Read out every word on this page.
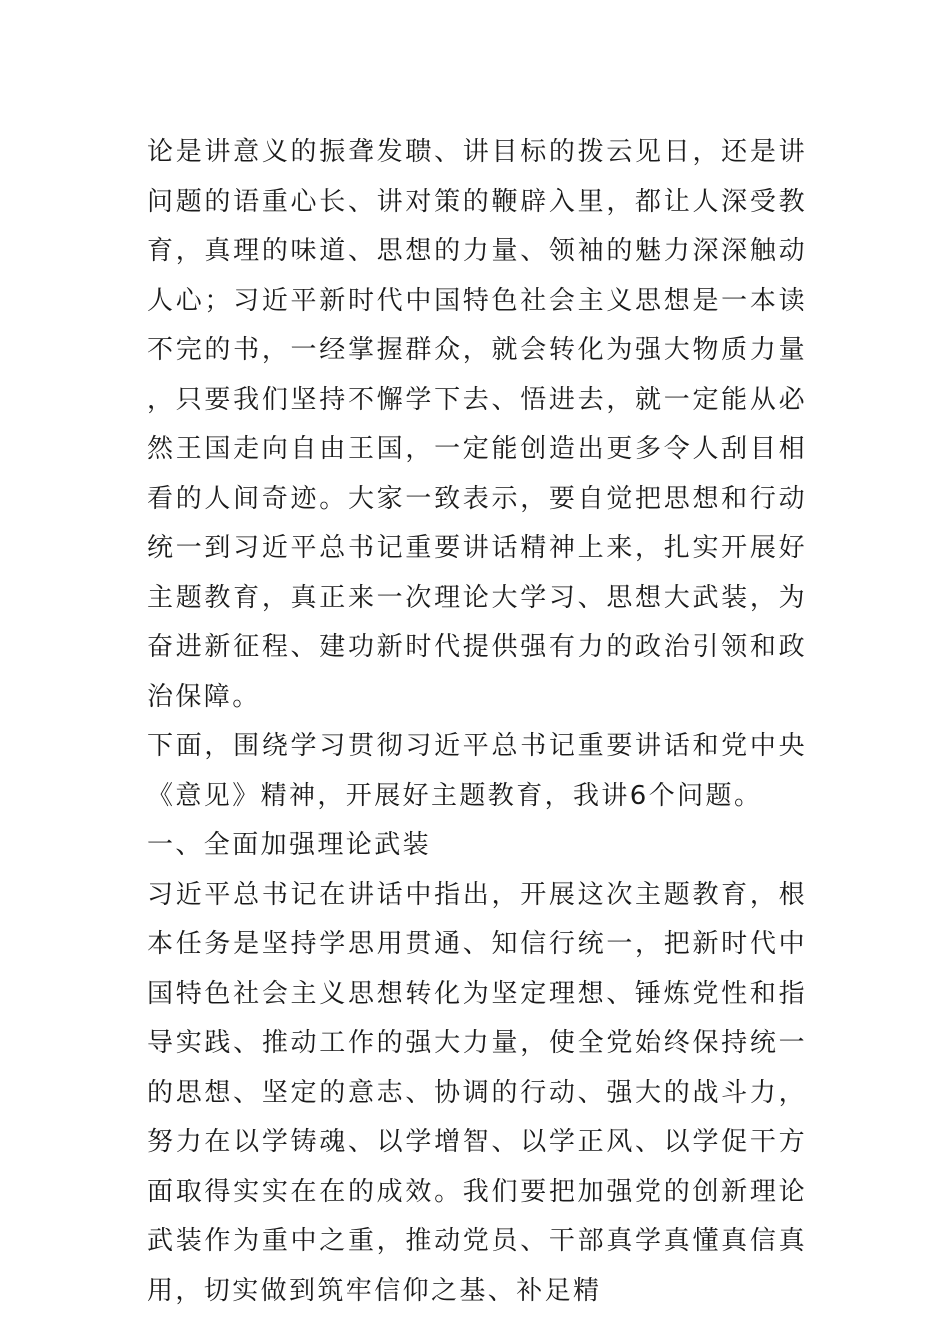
论是讲意义的振聋发聩、讲目标的拨云见日，还是讲问题的语重心长、讲对策的鞭辟入里，都让人深受教育，真理的味道、思想的力量、领袖的魅力深深触动人心；习近平新时代中国特色社会主义思想是一本读不完的书，一经掌握群众，就会转化为强大物质力量，只要我们坚持不懈学下去、悟进去，就一定能从必然王国走向自由王国，一定能创造出更多令人刮目相看的人间奇迹。大家一致表示，要自觉把思想和行动统一到习近平总书记重要讲话精神上来，扎实开展好主题教育，真正来一次理论大学习、思想大武装，为奋进新征程、建功新时代提供强有力的政治引领和政治保障。

下面，围绕学习贯彻习近平总书记重要讲话和党中央《意见》精神，开展好主题教育，我讲6个问题。

一、全面加强理论武装

习近平总书记在讲话中指出，开展这次主题教育，根本任务是坚持学思用贯通、知信行统一，把新时代中国特色社会主义思想转化为坚定理想、锤炼党性和指导实践、推动工作的强大力量，使全党始终保持统一的思想、坚定的意志、协调的行动、强大的战斗力，努力在以学铸魂、以学增智、以学正风、以学促干方面取得实实在在的成效。我们要把加强党的创新理论武装作为重中之重，推动党员、干部真学真懂真信真用，切实做到筑牢信仰之基、补足精
